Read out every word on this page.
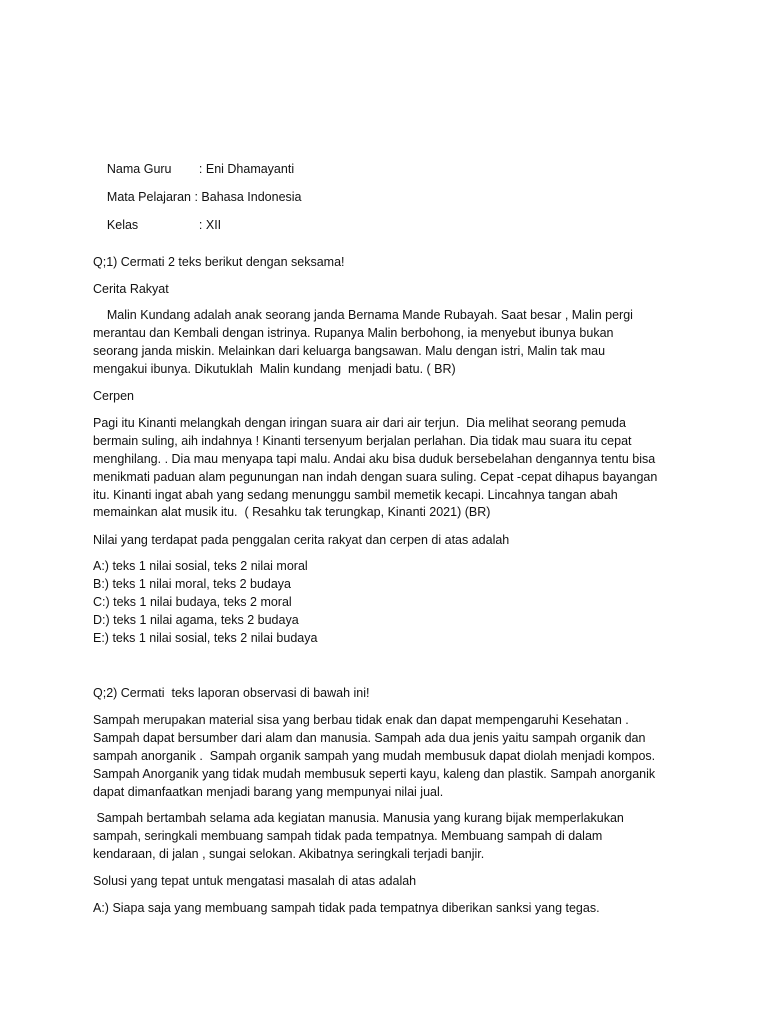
Nama Guru : Eni Dhamayanti

Mata Pelajaran : Bahasa Indonesia

Kelas	: XII

Q;1) Cermati 2 teks berikut dengan seksama!
Cerita Rakyat
Malin Kundang adalah anak seorang janda Bernama Mande Rubayah. Saat besar , Malin pergi
merantau dan Kembali dengan istrinya. Rupanya Malin berbohong, ia menyebut ibunya bukan
seorang janda miskin. Melainkan dari keluarga bangsawan. Malu dengan istri, Malin tak mau
mengakui ibunya. Dikutuklah  Malin kundang  menjadi batu. ( BR)
Cerpen
Pagi itu Kinanti melangkah dengan iringan suara air dari air terjun.  Dia melihat seorang pemuda
bermain suling, aih indahnya ! Kinanti tersenyum berjalan perlahan. Dia tidak mau suara itu cepat
menghilang. . Dia mau menyapa tapi malu. Andai aku bisa duduk bersebelahan dengannya tentu bisa
menikmati paduan alam pegunungan nan indah dengan suara suling. Cepat -cepat dihapus bayangan
itu. Kinanti ingat abah yang sedang menunggu sambil memetik kecapi. Lincahnya tangan abah
memainkan alat musik itu.  ( Resahku tak terungkap, Kinanti 2021) (BR)
Nilai yang terdapat pada penggalan cerita rakyat dan cerpen di atas adalah
A:) teks 1 nilai sosial, teks 2 nilai moral
B:) teks 1 nilai moral, teks 2 budaya
C:) teks 1 nilai budaya, teks 2 moral
D:) teks 1 nilai agama, teks 2 budaya
E:) teks 1 nilai sosial, teks 2 nilai budaya
Q;2) Cermati  teks laporan observasi di bawah ini!
Sampah merupakan material sisa yang berbau tidak enak dan dapat mempengaruhi Kesehatan .
Sampah dapat bersumber dari alam dan manusia. Sampah ada dua jenis yaitu sampah organik dan
sampah anorganik .  Sampah organik sampah yang mudah membusuk dapat diolah menjadi kompos.
Sampah Anorganik yang tidak mudah membusuk seperti kayu, kaleng dan plastik. Sampah anorganik
dapat dimanfaatkan menjadi barang yang mempunyai nilai jual.
Sampah bertambah selama ada kegiatan manusia. Manusia yang kurang bijak memperlakukan
sampah, seringkali membuang sampah tidak pada tempatnya. Membuang sampah di dalam
kendaraan, di jalan , sungai selokan. Akibatnya seringkali terjadi banjir.
Solusi yang tepat untuk mengatasi masalah di atas adalah
A:) Siapa saja yang membuang sampah tidak pada tempatnya diberikan sanksi yang tegas.
